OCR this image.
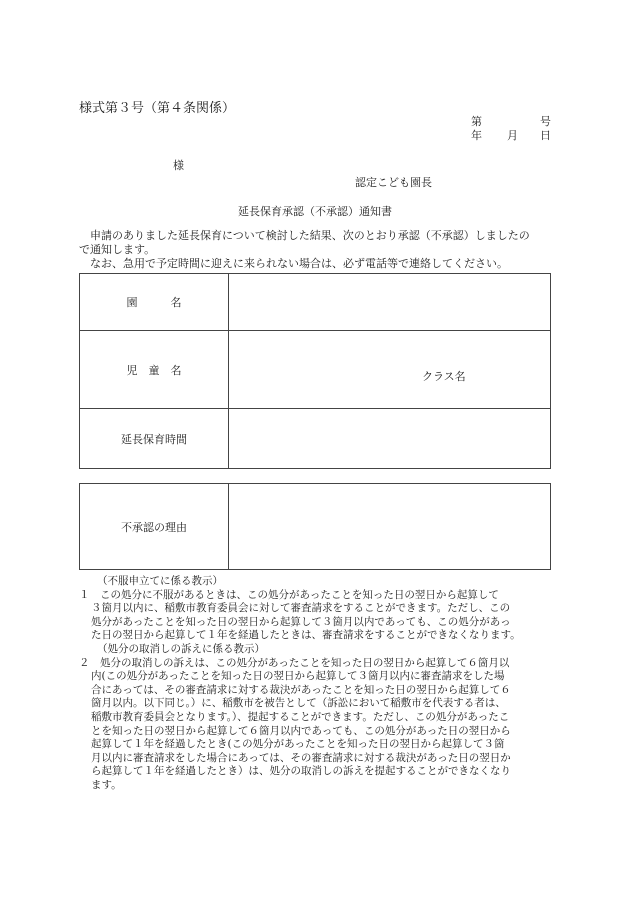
様式第３号（第４条関係）
第	号
年 月 日
様
認定こども園長
延長保育承認（不承認）通知書

　申請のありました延長保育について検討した結果、次のとおり承認（不承認）しましたの

で通知します。

　なお、急用で予定時間に迎えに来られない場合は、必ず電話等で連絡してください。

園　　　名	
児　童　名	クラス名

延長保育時間	
不承認の理由	

（不服申立てに係る教示）

１　この処分に不服があるときは、この処分があったことを知った日の翌日から起算して

３箇月以内に、稲敷市教育委員会に対して審査請求をすることができます。ただし、この

処分があったことを知った日の翌日から起算して３箇月以内であっても、この処分があっ

た日の翌日から起算して１年を経過したときは、審査請求をすることができなくなります。

（処分の取消しの訴えに係る教示）

２　処分の取消しの訴えは、この処分があったことを知った日の翌日から起算して６箇月以

内(この処分があったことを知った日の翌日から起算して３箇月以内に審査請求をした場

合にあっては、その審査請求に対する裁決があったことを知った日の翌日から起算して６

箇月以内。以下同じ。）に、稲敷市を被告として（訴訟において稲敷市を代表する者は、

稲敷市教育委員会となります。）、提起することができます。ただし、この処分があったこ

とを知った日の翌日から起算して６箇月以内であっても、この処分があった日の翌日から

起算して１年を経過したとき(この処分があったことを知った日の翌日から起算して３箇

月以内に審査請求をした場合にあっては、その審査請求に対する裁決があった日の翌日か

ら起算して１年を経過したとき）は、処分の取消しの訴えを提起することができなくなり

ます。
